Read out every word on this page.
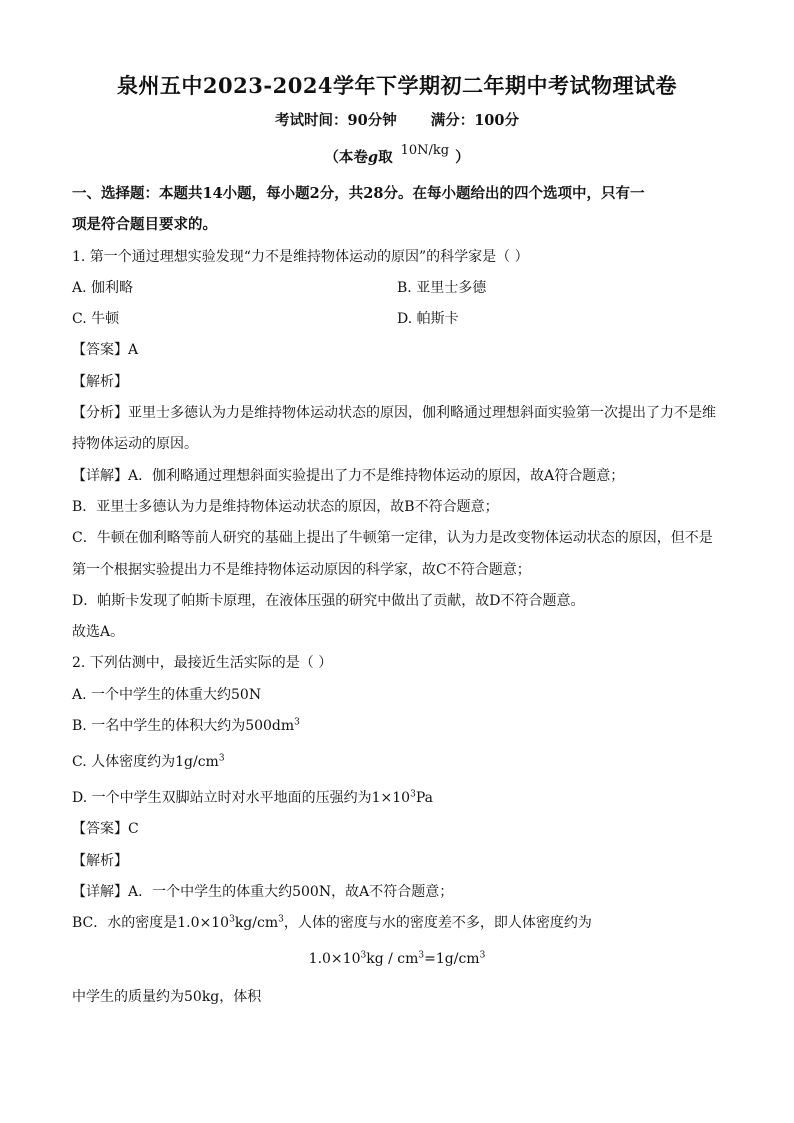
泉州五中2023-2024学年下学期初二年期中考试物理试卷
考试时间：90分钟 满分：100分
（本卷g取 10N/kg ）
一、选择题：本题共14小题，每小题2分，共28分。在每小题给出的四个选项中，只有一
项是符合题目要求的。
1. 第一个通过理想实验发现“力不是维持物体运动的原因”的科学家是（ ）
A. 伽利略	B. 亚里士多德
C. 牛顿	D. 帕斯卡
【答案】A
【解析】
【分析】亚里士多德认为力是维持物体运动状态的原因，伽利略通过理想斜面实验第一次提出了力不是维
持物体运动的原因。
【详解】A．伽利略通过理想斜面实验提出了力不是维持物体运动的原因，故A符合题意；
B．亚里士多德认为力是维持物体运动状态的原因，故B不符合题意；
C．牛顿在伽利略等前人研究的基础上提出了牛顿第一定律，认为力是改变物体运动状态的原因，但不是
第一个根据实验提出力不是维持物体运动原因的科学家，故C不符合题意；
D．帕斯卡发现了帕斯卡原理，在液体压强的研究中做出了贡献，故D不符合题意。
故选A。
2. 下列估测中，最接近生活实际的是（ ）
A. 一个中学生的体重大约50N
B. 一名中学生的体积大约为$500dm^3$
C. 人体密度约为$1g/cm^3$
D. 一个中学生双脚站立时对水平地面的压强约为$1\times 10^3Pa$
【答案】C
【解析】
【详解】A．一个中学生的体重大约500N，故A不符合题意；
BC．水的密度是$1.0\times 10^3kg/cm^3$，人体的密度与水的密度差不多，即人体密度约为
$1.0\times 10^3kg / cm^3=1g/cm^3$
中学生的质量约为50kg，体积
